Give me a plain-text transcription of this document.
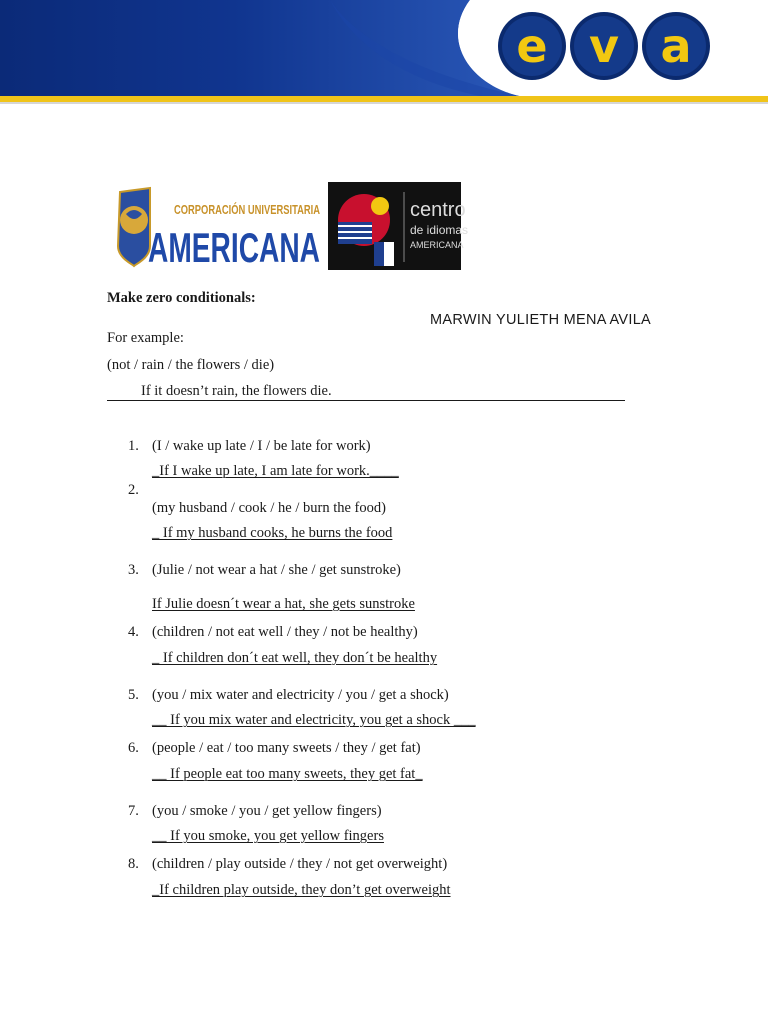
e v a
CORPORACIÓN UNIVERSITARIA
AMERICANA
centro
de idiomas
AMERICANA
Make zero conditionals:
MARWIN YULIETH MENA AVILA
For example:
(not / rain / the flowers / die)
If it doesn’t rain, the flowers die.
1. (I / wake up late / I / be late for work)
_If I wake up late, I am late for work.____
2.
(my husband / cook / he / burn the food)
_ If my husband cooks, he burns the food
3. (Julie / not wear a hat / she / get sunstroke)
If Julie doesn´t wear a hat, she gets sunstroke
4. (children / not eat well / they / not be healthy)
_ If children don´t eat well, they don´t be healthy
5. (you / mix water and electricity / you / get a shock)
__ If you mix water and electricity, you get a shock ___
6. (people / eat / too many sweets / they / get fat)
__ If people eat too many sweets, they get fat_
7. (you / smoke / you / get yellow fingers)
__ If you smoke, you get yellow fingers
8. (children / play outside / they / not get overweight)
_If children play outside, they don’t get overweight
